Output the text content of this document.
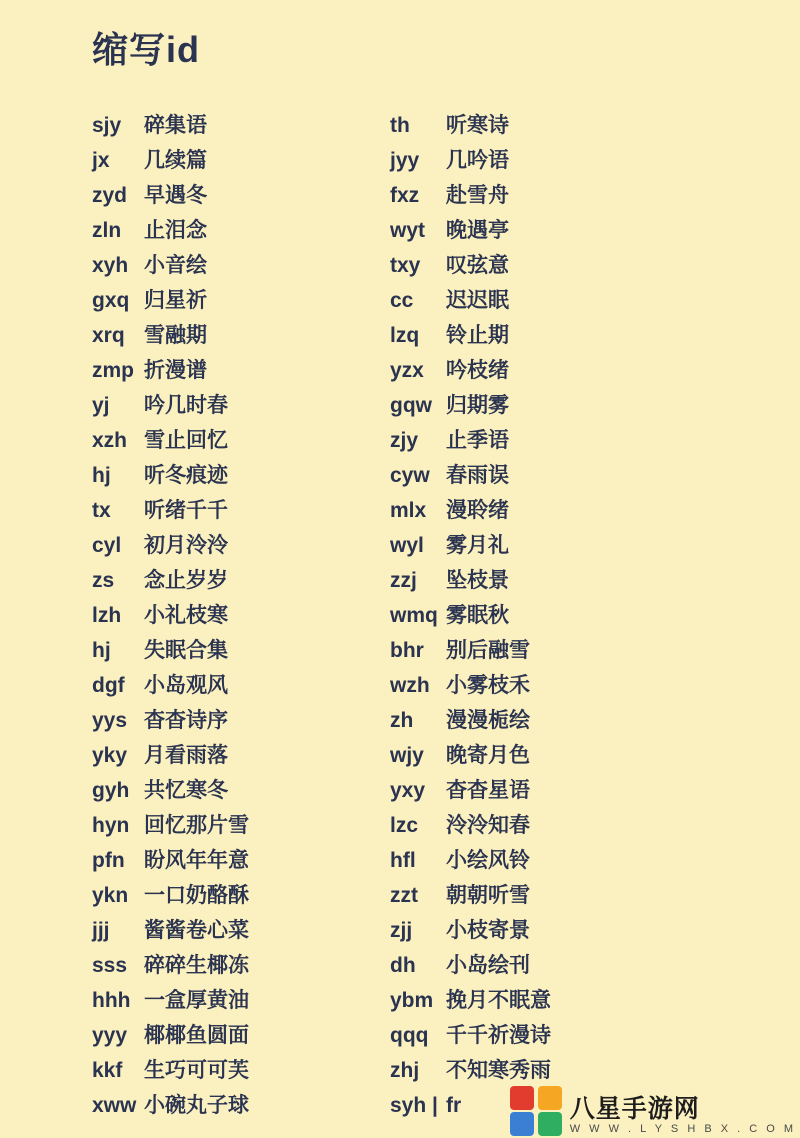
缩写id
sjy	碎集语
jx	几续篇
zyd 早遇冬
zln	止泪念
xyh 小音绘
gxq 归星祈
xrq 雪融期
zmp 折漫谱
yj	吟几时春
xzh 雪止回忆
hj	听冬痕迹
tx	听绪千千
cyl	初月泠泠
zs	念止岁岁
lzh	小礼枝寒
hj	失眠合集
dgf 小岛观风
yys 杳杳诗序
yky 月看雨落
gyh 共忆寒冬
hyn 回忆那片雪
pfn 盼风年年意
ykn 一口奶酪酥
jjj	酱酱卷心菜
sss 碎碎生椰冻
hhh 一盒厚黄油
yyy 椰椰鱼圆面
kkf	生巧可可芙
xww 小碗丸子球
th	听寒诗
jyy	几吟语
fxz	赴雪舟
wyt 晚遇亭
txy	叹弦意
cc	迟迟眠
lzq	铃止期
yzx	吟枝绪
gqw 归期雾
zjy	止季语
cyw 春雨误
mlx 漫聆绪
wyl	雾月礼
zzj	坠枝景
wmq 雾眠秋
bhr	别后融雪
wzh 小雾枝禾
zh	漫漫栀绘
wjy	晚寄月色
yxy 杳杳星语
lzc	泠泠知春
hfl	小绘风铃
zzt	朝朝听雪
zjj	小枝寄景
dh	小岛绘刊
ybm 挽月不眠意
qqq 千千祈漫诗
zhj	不知寒秀雨
syh | fr	八星手游网
W W W . L Y S H B X . C O M
